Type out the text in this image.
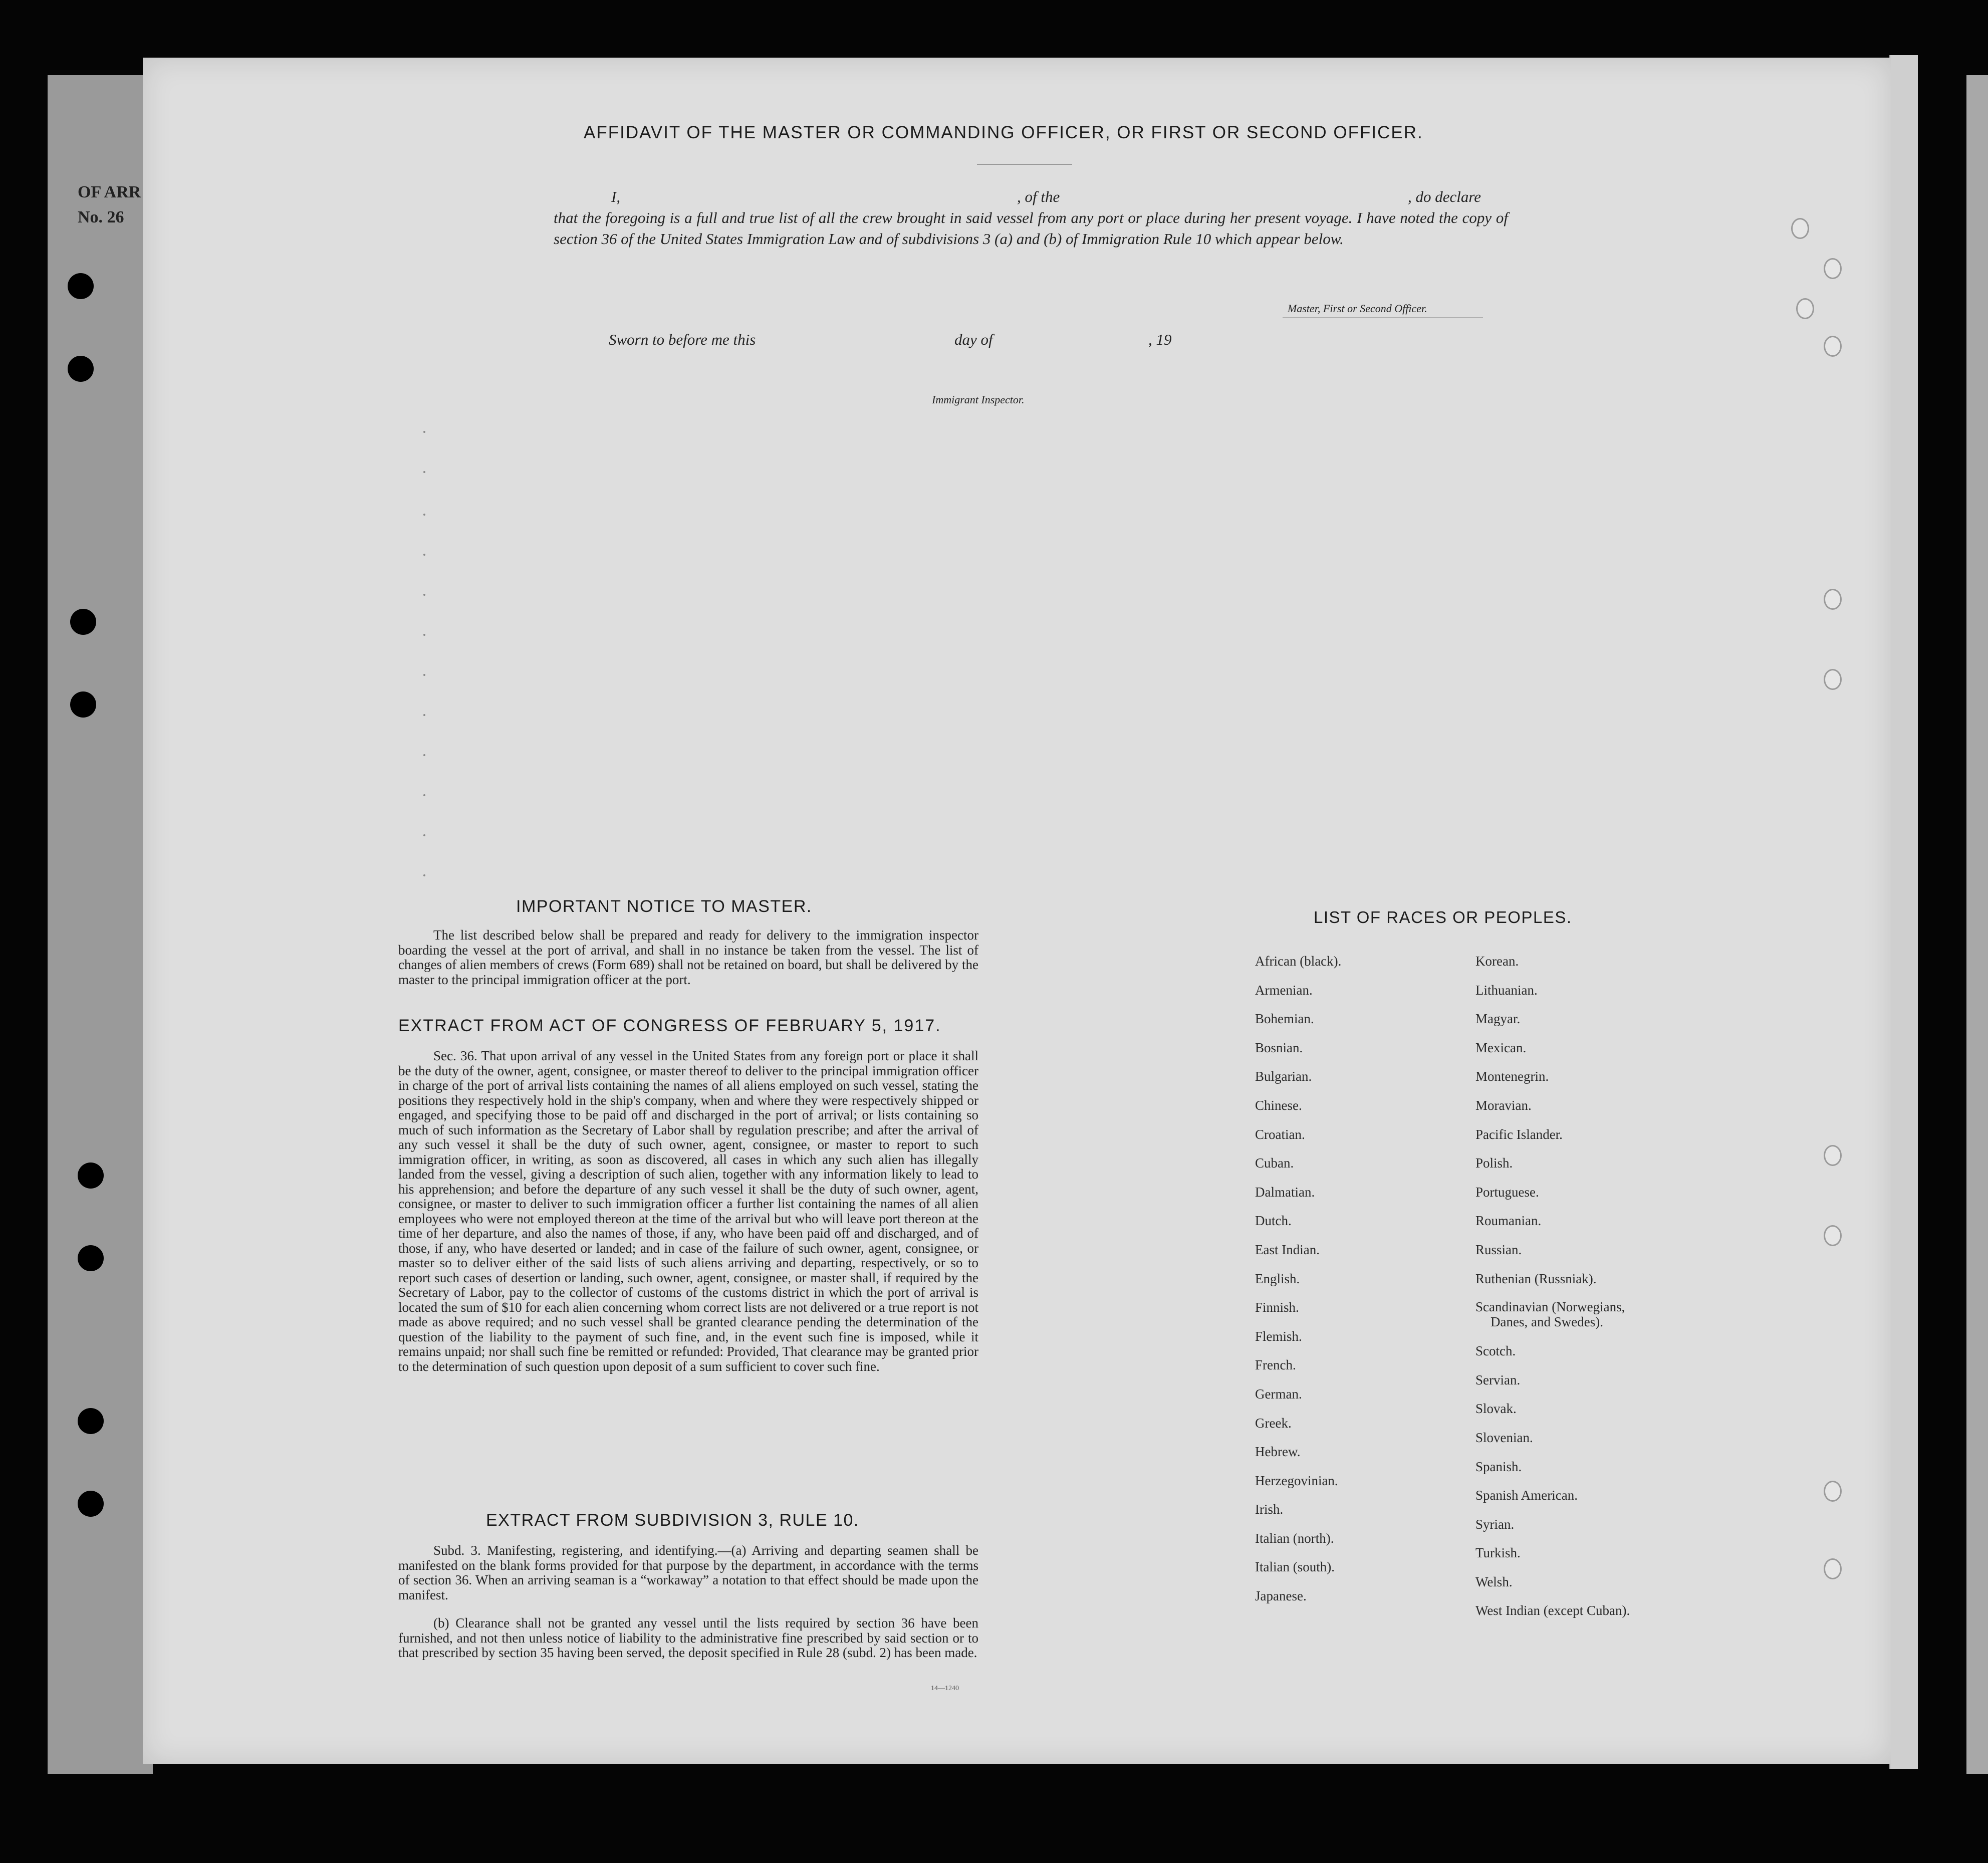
OF ARR
No. 26
AFFIDAVIT OF THE MASTER OR COMMANDING OFFICER, OR FIRST OR SECOND OFFICER.
I,	, of the	, do declare
that the foregoing is a full and true list of all the crew brought in said vessel from any port or place during her present voyage. I have noted the copy of section 36 of the United States Immigration Law and of subdivisions 3 (a) and (b) of Immigration Rule 10 which appear below.
Master, First or Second Officer.
Sworn to before me this	day of	, 19
Immigrant Inspector.
IMPORTANT NOTICE TO MASTER.
The list described below shall be prepared and ready for delivery to the immigration inspector boarding the vessel at the port of arrival, and shall in no instance be taken from the vessel. The list of changes of alien members of crews (Form 689) shall not be retained on board, but shall be delivered by the master to the principal immigration officer at the port.
EXTRACT FROM ACT OF CONGRESS OF FEBRUARY 5, 1917.
Sec. 36. That upon arrival of any vessel in the United States from any foreign port or place it shall be the duty of the owner, agent, consignee, or master thereof to deliver to the principal immigration officer in charge of the port of arrival lists containing the names of all aliens employed on such vessel, stating the positions they respectively hold in the ship's company, when and where they were respectively shipped or engaged, and specifying those to be paid off and discharged in the port of arrival; or lists containing so much of such information as the Secretary of Labor shall by regulation prescribe; and after the arrival of any such vessel it shall be the duty of such owner, agent, consignee, or master to report to such immigration officer, in writing, as soon as discovered, all cases in which any such alien has illegally landed from the vessel, giving a description of such alien, together with any information likely to lead to his apprehension; and before the departure of any such vessel it shall be the duty of such owner, agent, consignee, or master to deliver to such immigration officer a further list containing the names of all alien employees who were not employed thereon at the time of the arrival but who will leave port thereon at the time of her departure, and also the names of those, if any, who have been paid off and discharged, and of those, if any, who have deserted or landed; and in case of the failure of such owner, agent, consignee, or master so to deliver either of the said lists of such aliens arriving and departing, respectively, or so to report such cases of desertion or landing, such owner, agent, consignee, or master shall, if required by the Secretary of Labor, pay to the collector of customs of the customs district in which the port of arrival is located the sum of $10 for each alien concerning whom correct lists are not delivered or a true report is not made as above required; and no such vessel shall be granted clearance pending the determination of the question of the liability to the payment of such fine, and, in the event such fine is imposed, while it remains unpaid; nor shall such fine be remitted or refunded: Provided, That clearance may be granted prior to the determination of such question upon deposit of a sum sufficient to cover such fine.
EXTRACT FROM SUBDIVISION 3, RULE 10.
Subd. 3. Manifesting, registering, and identifying.—(a) Arriving and departing seamen shall be manifested on the blank forms provided for that purpose by the department, in accordance with the terms of section 36. When an arriving seaman is a “workaway” a notation to that effect should be made upon the manifest.
(b) Clearance shall not be granted any vessel until the lists required by section 36 have been furnished, and not then unless notice of liability to the administrative fine prescribed by said section or to that prescribed by section 35 having been served, the deposit specified in Rule 28 (subd. 2) has been made.
14—1240
LIST OF RACES OR PEOPLES.
African (black).
Armenian.
Bohemian.
Bosnian.
Bulgarian.
Chinese.
Croatian.
Cuban.
Dalmatian.
Dutch.
East Indian.
English.
Finnish.
Flemish.
French.
German.
Greek.
Hebrew.
Herzegovinian.
Irish.
Italian (north).
Italian (south).
Japanese.
Korean.
Lithuanian.
Magyar.
Mexican.
Montenegrin.
Moravian.
Pacific Islander.
Polish.
Portuguese.
Roumanian.
Russian.
Ruthenian (Russniak).
Scandinavian (Norwegians,
Danes, and Swedes).
Scotch.
Servian.
Slovak.
Slovenian.
Spanish.
Spanish American.
Syrian.
Turkish.
Welsh.
West Indian (except Cuban).
